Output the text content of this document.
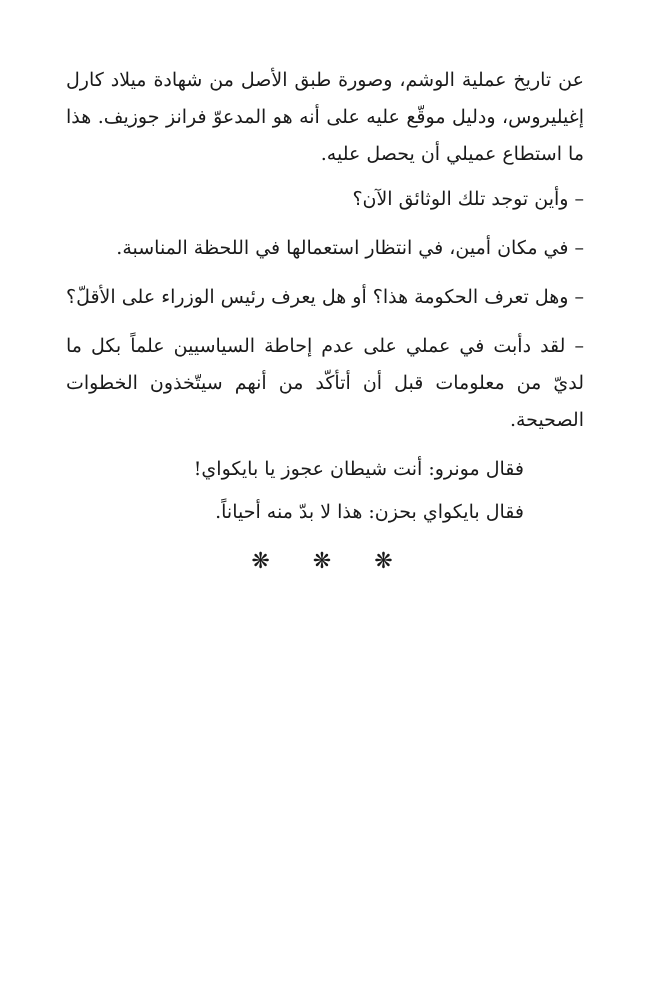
عن تاريخ عملية الوشم، وصورة طبق الأصل من شهادة ميلاد كارل إغيليروس، ودليل موقّع عليه على أنه هو المدعوّ فرانز جوزيف. هذا ما استطاع عميلي أن يحصل عليه.

– وأين توجد تلك الوثائق الآن؟

– في مكان أمين، في انتظار استعمالها في اللحظة المناسبة.

– وهل تعرف الحكومة هذا؟ أو هل يعرف رئيس الوزراء على الأقلّ؟

– لقد دأبت في عملي على عدم إحاطة السياسيين علماً بكل ما لديّ من معلومات قبل أن أتأكّد من أنهم سيتّخذون الخطوات الصحيحة.

فقال مونرو: أنت شيطان عجوز يا بايكواي!

فقال بايكواي بحزن: هذا لا بدّ منه أحياناً.

❋ ❋ ❋
